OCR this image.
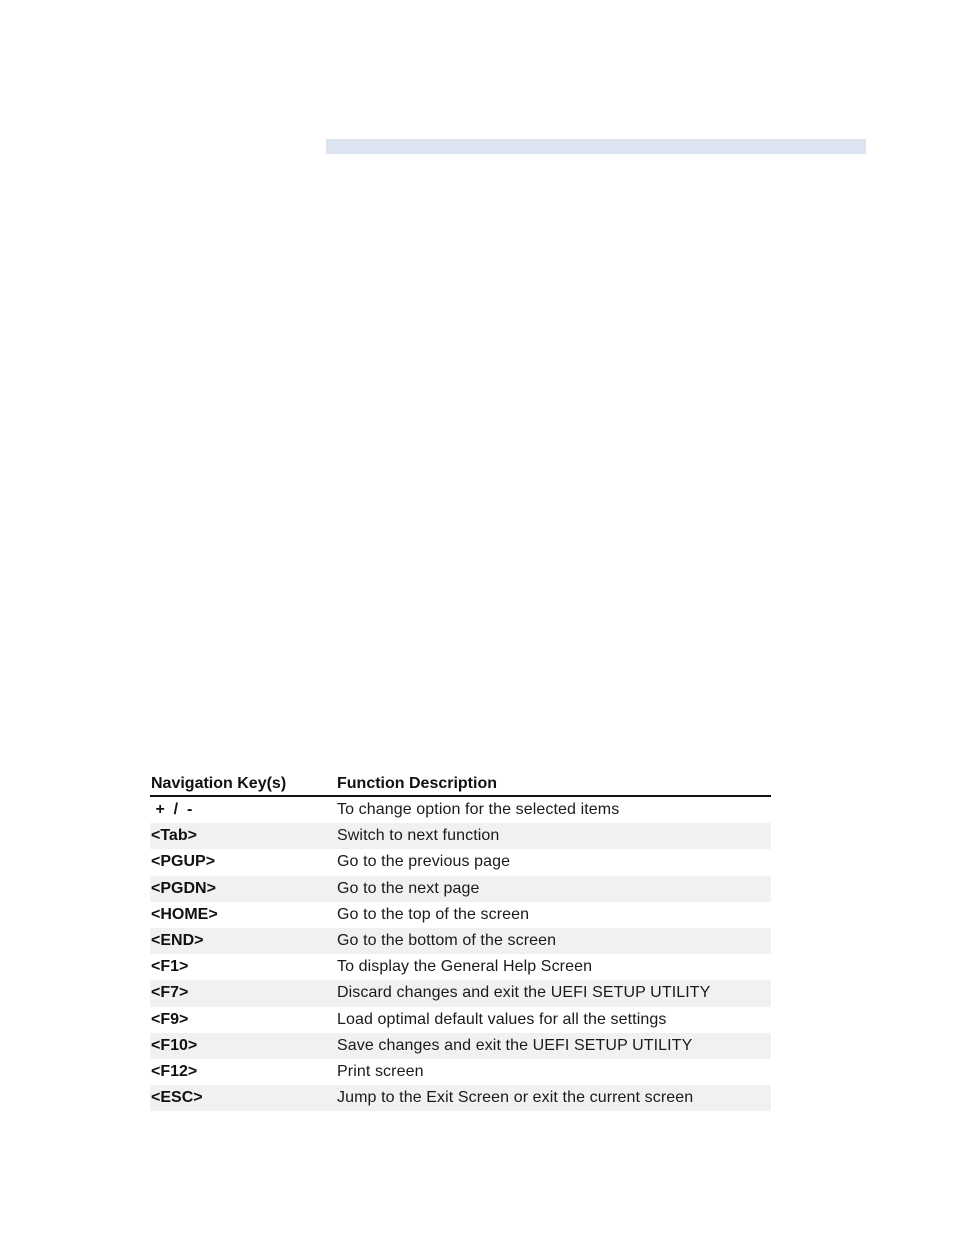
Navigation Key(s)	Function Description
+  /  -	To change option for the selected items
<Tab>	Switch to next function
<PGUP>	Go to the previous page
<PGDN>	Go to the next page
<HOME>	Go to the top of the screen
<END>	Go to the bottom of the screen
<F1>	To display the General Help Screen
<F7>	Discard changes and exit the UEFI SETUP UTILITY
<F9>	Load optimal default values for all the settings
<F10>	Save changes and exit the UEFI SETUP UTILITY
<F12>	Print screen
<ESC>	Jump to the Exit Screen or exit the current screen
